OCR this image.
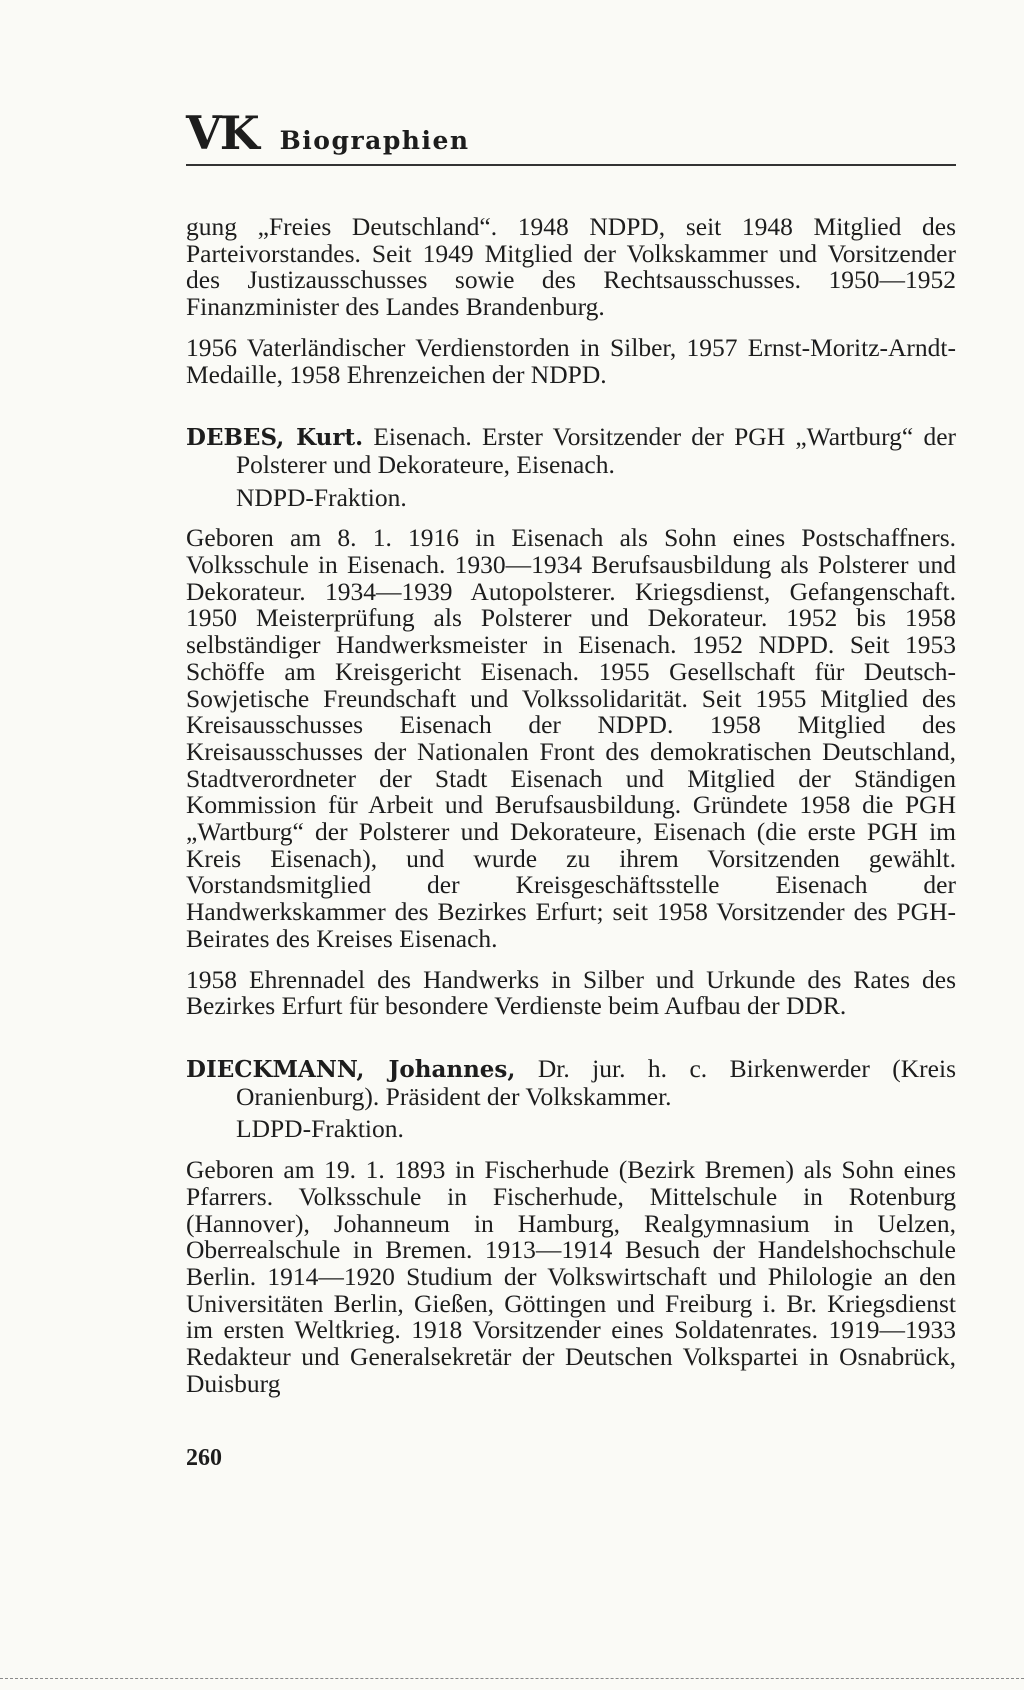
VK Biographien

gung „Freies Deutschland“. 1948 NDPD, seit 1948 Mitglied des Parteivorstandes. Seit 1949 Mitglied der Volkskammer und Vorsitzender des Justizausschusses sowie des Rechtsausschusses. 1950—1952 Finanzminister des Landes Brandenburg.

1956 Vaterländischer Verdienstorden in Silber, 1957 Ernst-Moritz-Arndt-Medaille, 1958 Ehrenzeichen der NDPD.

DEBES, Kurt. Eisenach. Erster Vorsitzender der PGH „Wartburg“ der Polsterer und Dekorateure, Eisenach.

NDPD-Fraktion.

Geboren am 8. 1. 1916 in Eisenach als Sohn eines Postschaffners. Volksschule in Eisenach. 1930—1934 Berufsausbildung als Polsterer und Dekorateur. 1934—1939 Autopolsterer. Kriegsdienst, Gefangenschaft. 1950 Meisterprüfung als Polsterer und Dekorateur. 1952 bis 1958 selbständiger Handwerksmeister in Eisenach. 1952 NDPD. Seit 1953 Schöffe am Kreisgericht Eisenach. 1955 Gesellschaft für Deutsch-Sowjetische Freundschaft und Volkssolidarität. Seit 1955 Mitglied des Kreisausschusses Eisenach der NDPD. 1958 Mitglied des Kreisausschusses der Nationalen Front des demokratischen Deutschland, Stadtverordneter der Stadt Eisenach und Mitglied der Ständigen Kommission für Arbeit und Berufsausbildung. Gründete 1958 die PGH „Wartburg“ der Polsterer und Dekorateure, Eisenach (die erste PGH im Kreis Eisenach), und wurde zu ihrem Vorsitzenden gewählt. Vorstandsmitglied der Kreisgeschäftsstelle Eisenach der Handwerkskammer des Bezirkes Erfurt; seit 1958 Vorsitzender des PGH-Beirates des Kreises Eisenach.

1958 Ehrennadel des Handwerks in Silber und Urkunde des Rates des Bezirkes Erfurt für besondere Verdienste beim Aufbau der DDR.

DIECKMANN, Johannes, Dr. jur. h. c. Birkenwerder (Kreis Oranienburg). Präsident der Volkskammer.

LDPD-Fraktion.

Geboren am 19. 1. 1893 in Fischerhude (Bezirk Bremen) als Sohn eines Pfarrers. Volksschule in Fischerhude, Mittelschule in Rotenburg (Hannover), Johanneum in Hamburg, Realgymnasium in Uelzen, Oberrealschule in Bremen. 1913—1914 Besuch der Handelshochschule Berlin. 1914—1920 Studium der Volkswirtschaft und Philologie an den Universitäten Berlin, Gießen, Göttingen und Freiburg i. Br. Kriegsdienst im ersten Weltkrieg. 1918 Vorsitzender eines Soldatenrates. 1919—1933 Redakteur und Generalsekretär der Deutschen Volkspartei in Osnabrück, Duisburg

260
